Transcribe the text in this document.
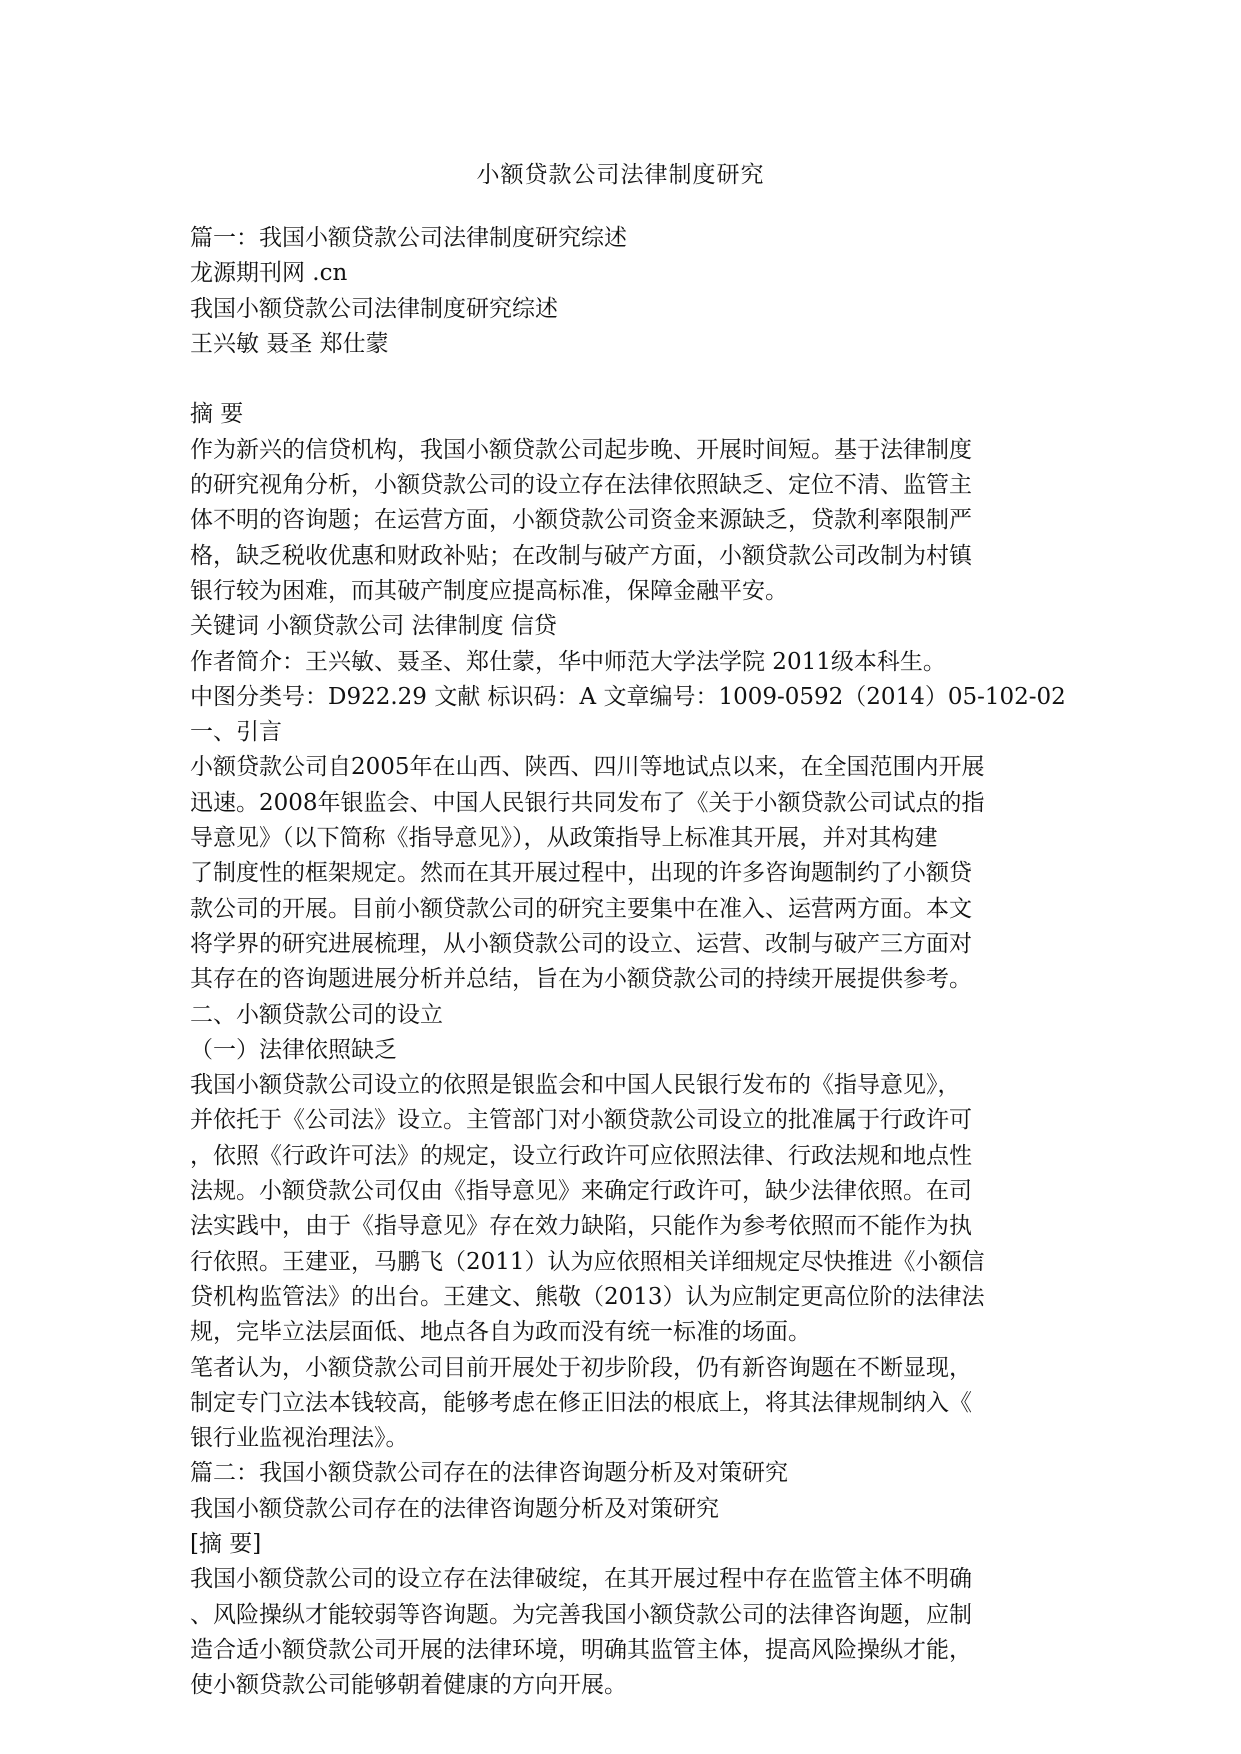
小额贷款公司法律制度研究
篇一：我国小额贷款公司法律制度研究综述
龙源期刊网 .cn
我国小额贷款公司法律制度研究综述
王兴敏 聂圣 郑仕蒙
摘 要
作为新兴的信贷机构，我国小额贷款公司起步晚、开展时间短。基于法律制度
的研究视角分析，小额贷款公司的设立存在法律依照缺乏、定位不清、监管主
体不明的咨询题；在运营方面，小额贷款公司资金来源缺乏，贷款利率限制严
格，缺乏税收优惠和财政补贴；在改制与破产方面，小额贷款公司改制为村镇
银行较为困难，而其破产制度应提高标准，保障金融平安。
关键词 小额贷款公司 法律制度 信贷
作者简介：王兴敏、聂圣、郑仕蒙，华中师范大学法学院 2011级本科生。
中图分类号：D922.29 文献 标识码：A 文章编号：1009-0592（2014）05-102-02
一、引言
小额贷款公司自2005年在山西、陕西、四川等地试点以来，在全国范围内开展
迅速。2008年银监会、中国人民银行共同发布了《关于小额贷款公司试点的指
导意见》（以下简称《指导意见》），从政策指导上标准其开展，并对其构建
了制度性的框架规定。然而在其开展过程中，出现的许多咨询题制约了小额贷
款公司的开展。目前小额贷款公司的研究主要集中在准入、运营两方面。本文
将学界的研究进展梳理，从小额贷款公司的设立、运营、改制与破产三方面对
其存在的咨询题进展分析并总结，旨在为小额贷款公司的持续开展提供参考。
二、小额贷款公司的设立
（一）法律依照缺乏
我国小额贷款公司设立的依照是银监会和中国人民银行发布的《指导意见》，
并依托于《公司法》设立。主管部门对小额贷款公司设立的批准属于行政许可
，依照《行政许可法》的规定，设立行政许可应依照法律、行政法规和地点性
法规。小额贷款公司仅由《指导意见》来确定行政许可，缺少法律依照。在司
法实践中，由于《指导意见》存在效力缺陷，只能作为参考依照而不能作为执
行依照。王建亚，马鹏飞（2011）认为应依照相关详细规定尽快推进《小额信
贷机构监管法》的出台。王建文、熊敬（2013）认为应制定更高位阶的法律法
规，完毕立法层面低、地点各自为政而没有统一标准的场面。
笔者认为，小额贷款公司目前开展处于初步阶段，仍有新咨询题在不断显现，
制定专门立法本钱较高，能够考虑在修正旧法的根底上，将其法律规制纳入《
银行业监视治理法》。
篇二：我国小额贷款公司存在的法律咨询题分析及对策研究
我国小额贷款公司存在的法律咨询题分析及对策研究
[摘 要]
我国小额贷款公司的设立存在法律破绽，在其开展过程中存在监管主体不明确
、风险操纵才能较弱等咨询题。为完善我国小额贷款公司的法律咨询题，应制
造合适小额贷款公司开展的法律环境，明确其监管主体，提高风险操纵才能，
使小额贷款公司能够朝着健康的方向开展。
